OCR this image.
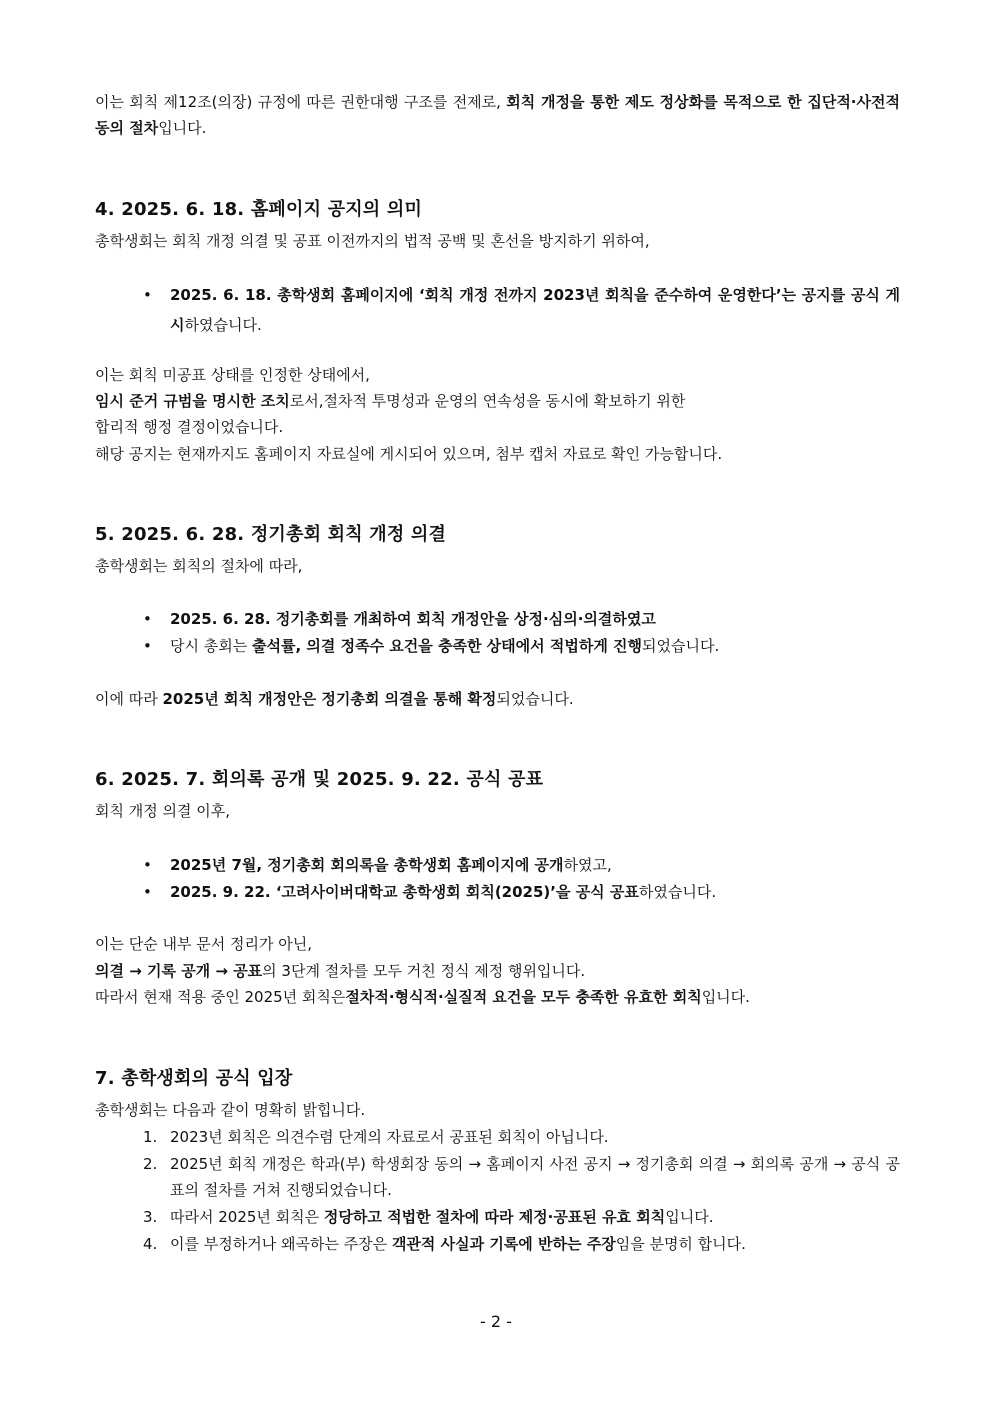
이는 회칙 제12조(의장) 규정에 따른 권한대행 구조를 전제로, 회칙 개정을 통한 제도 정상화를 목적으로 한 집단적·사전적 동의 절차입니다.
4. 2025. 6. 18. 홈페이지 공지의 의미
총학생회는 회칙 개정 의결 및 공표 이전까지의 법적 공백 및 혼선을 방지하기 위하여,
•	2025. 6. 18. 총학생회 홈페이지에 ‘회칙 개정 전까지 2023년 회칙을 준수하여 운영한다’는 공지를 공식 게시하였습니다.
이는 회칙 미공표 상태를 인정한 상태에서,
임시 준거 규범을 명시한 조치로서,절차적 투명성과 운영의 연속성을 동시에 확보하기 위한
합리적 행정 결정이었습니다.
해당 공지는 현재까지도 홈페이지 자료실에 게시되어 있으며, 첨부 캡처 자료로 확인 가능합니다.
5. 2025. 6. 28. 정기총회 회칙 개정 의결
총학생회는 회칙의 절차에 따라,
•	2025. 6. 28. 정기총회를 개최하여 회칙 개정안을 상정·심의·의결하였고
•	당시 총회는 출석률, 의결 정족수 요건을 충족한 상태에서 적법하게 진행되었습니다.
이에 따라 2025년 회칙 개정안은 정기총회 의결을 통해 확정되었습니다.
6. 2025. 7. 회의록 공개 및 2025. 9. 22. 공식 공표
회칙 개정 의결 이후,
•	2025년 7월, 정기총회 회의록을 총학생회 홈페이지에 공개하였고,
•	2025. 9. 22. ‘고려사이버대학교 총학생회 회칙(2025)’을 공식 공표하였습니다.
이는 단순 내부 문서 정리가 아닌,
의결 → 기록 공개 → 공표의 3단계 절차를 모두 거친 정식 제정 행위입니다.
따라서 현재 적용 중인 2025년 회칙은절차적·형식적·실질적 요건을 모두 충족한 유효한 회칙입니다.
7. 총학생회의 공식 입장
총학생회는 다음과 같이 명확히 밝힙니다.
1. 2023년 회칙은 의견수렴 단계의 자료로서 공표된 회칙이 아닙니다.
2. 2025년 회칙 개정은 학과(부) 학생회장 동의 → 홈페이지 사전 공지 → 정기총회 의결 → 회의록 공개 → 공식 공표의 절차를 거쳐 진행되었습니다.
3. 따라서 2025년 회칙은 정당하고 적법한 절차에 따라 제정·공표된 유효 회칙입니다.
4. 이를 부정하거나 왜곡하는 주장은 객관적 사실과 기록에 반하는 주장임을 분명히 합니다.
- 2 -
